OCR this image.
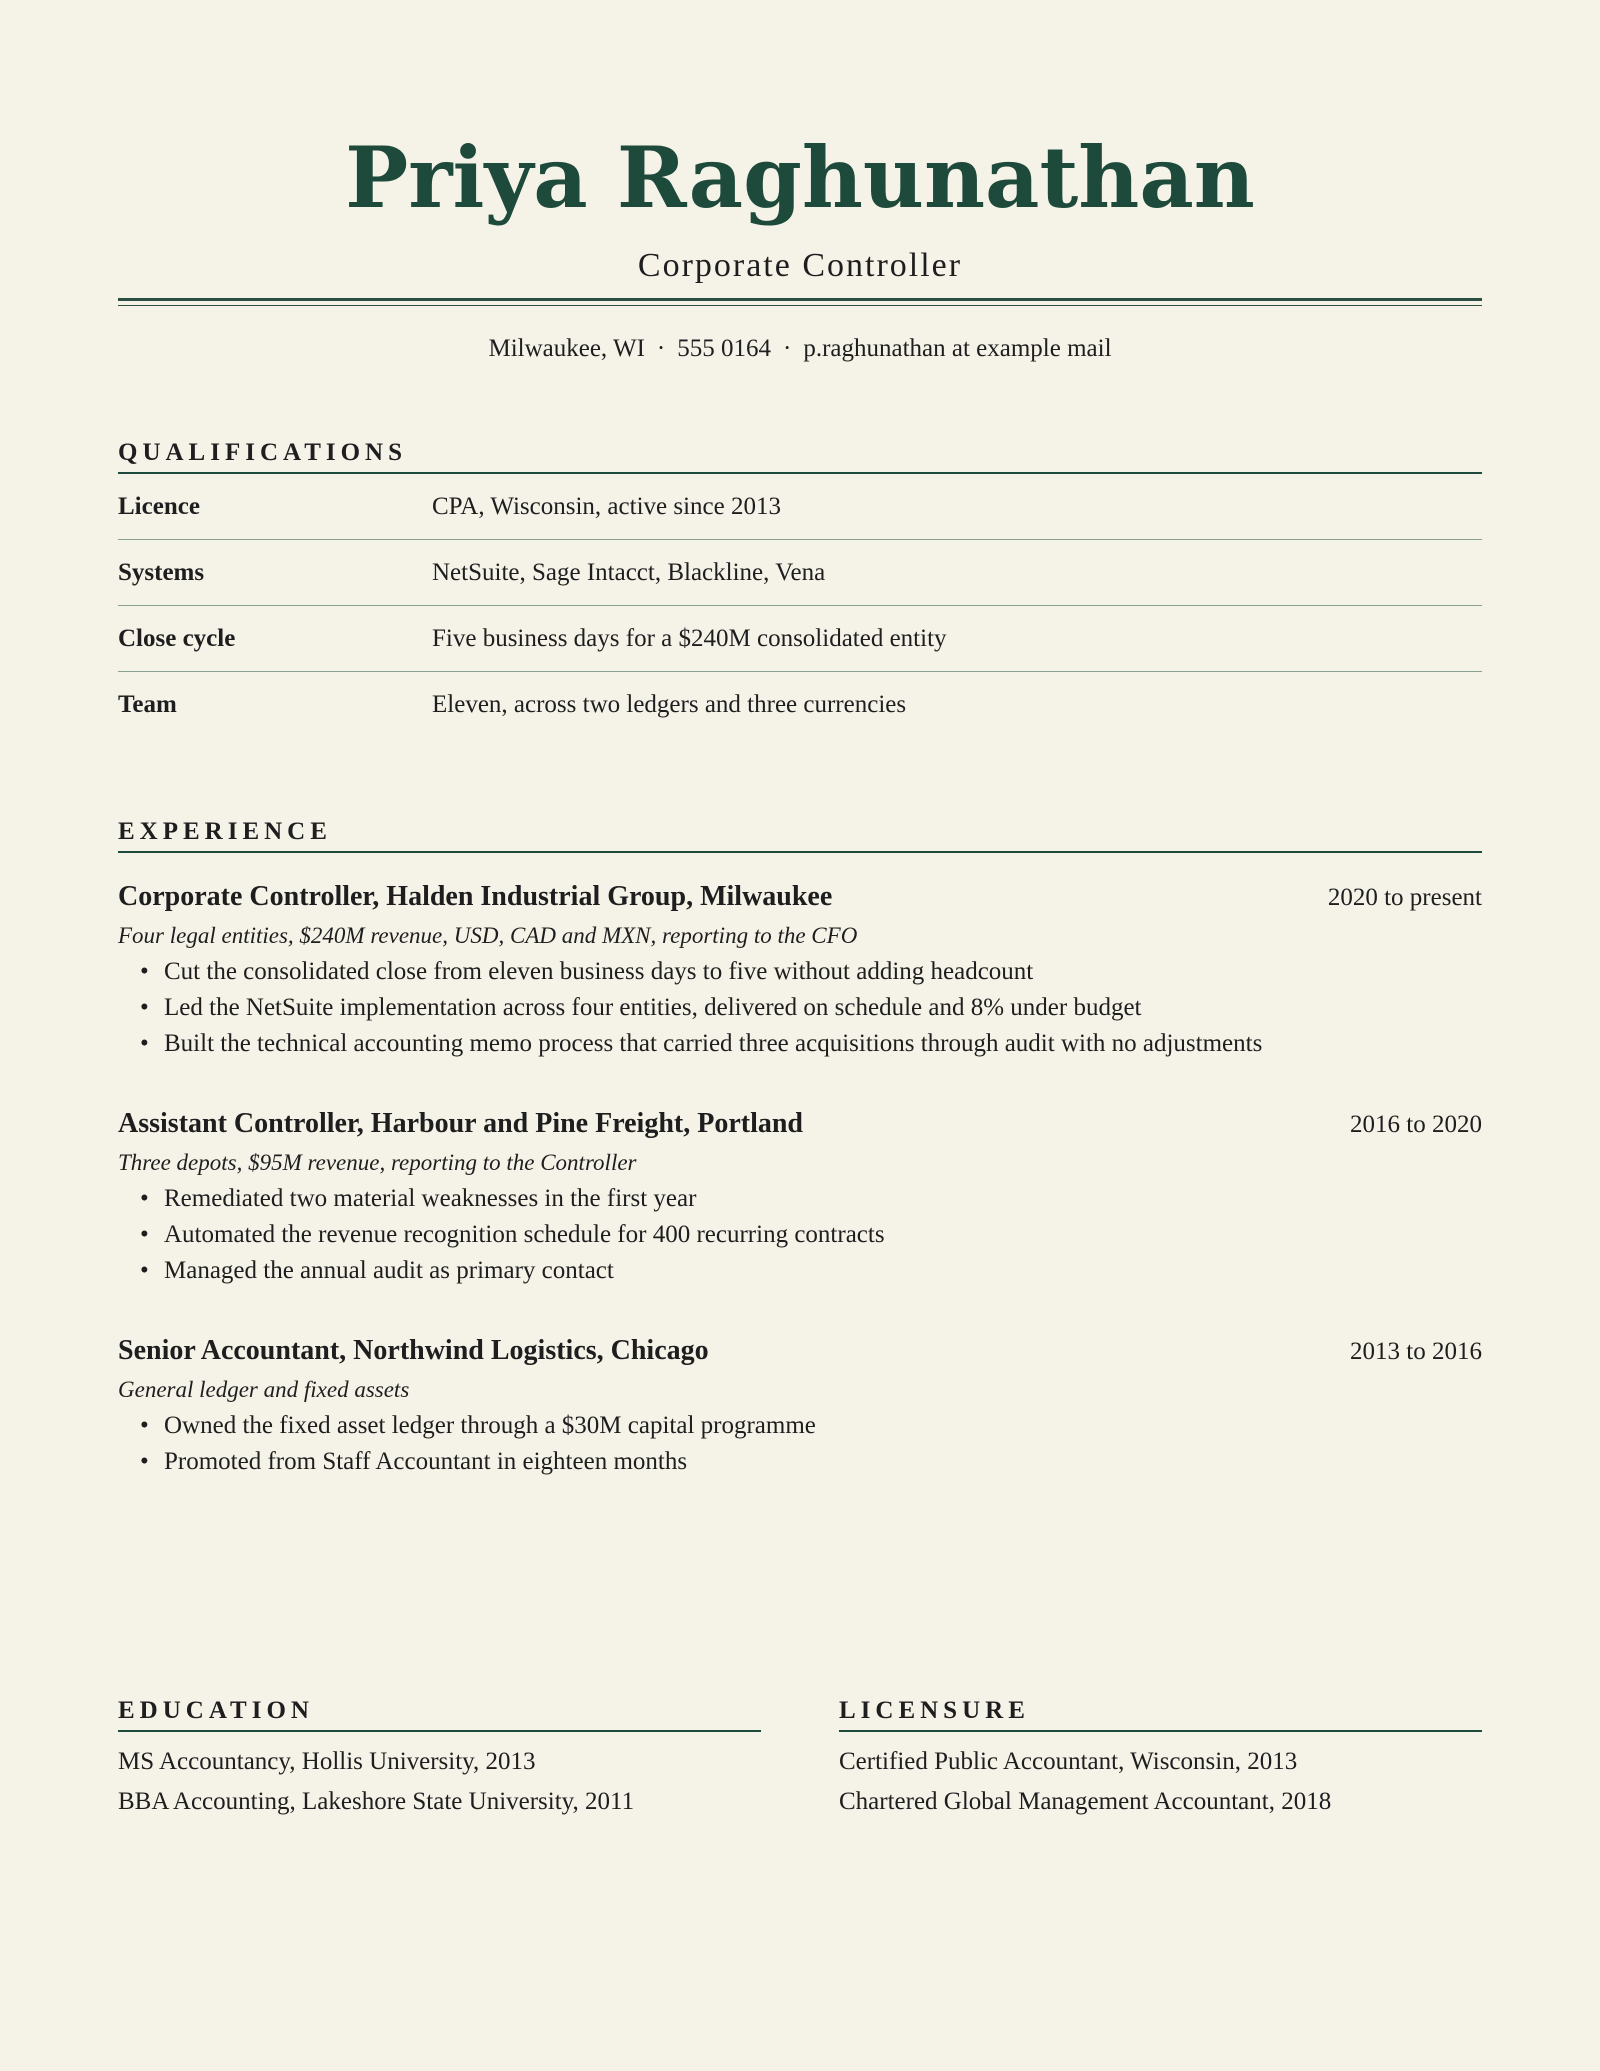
Priya Raghunathan
Corporate Controller
Milwaukee, WI · 555 0164 · p.raghunathan at example mail
QUALIFICATIONS
Licence	CPA, Wisconsin, active since 2013
Systems	NetSuite, Sage Intacct, Blackline, Vena
Close cycle	Five business days for a $240M consolidated entity
Team	Eleven, across two ledgers and three currencies
EXPERIENCE
Corporate Controller, Halden Industrial Group, Milwaukee	2020 to present
Four legal entities, $240M revenue, USD, CAD and MXN, reporting to the CFO
• Cut the consolidated close from eleven business days to five without adding headcount
• Led the NetSuite implementation across four entities, delivered on schedule and 8% under budget
• Built the technical accounting memo process that carried three acquisitions through audit with no adjustments
Assistant Controller, Harbour and Pine Freight, Portland	2016 to 2020
Three depots, $95M revenue, reporting to the Controller
• Remediated two material weaknesses in the first year
• Automated the revenue recognition schedule for 400 recurring contracts
• Managed the annual audit as primary contact
Senior Accountant, Northwind Logistics, Chicago	2013 to 2016
General ledger and fixed assets
• Owned the fixed asset ledger through a $30M capital programme
• Promoted from Staff Accountant in eighteen months
EDUCATION
MS Accountancy, Hollis University, 2013
BBA Accounting, Lakeshore State University, 2011
LICENSURE
Certified Public Accountant, Wisconsin, 2013
Chartered Global Management Accountant, 2018
